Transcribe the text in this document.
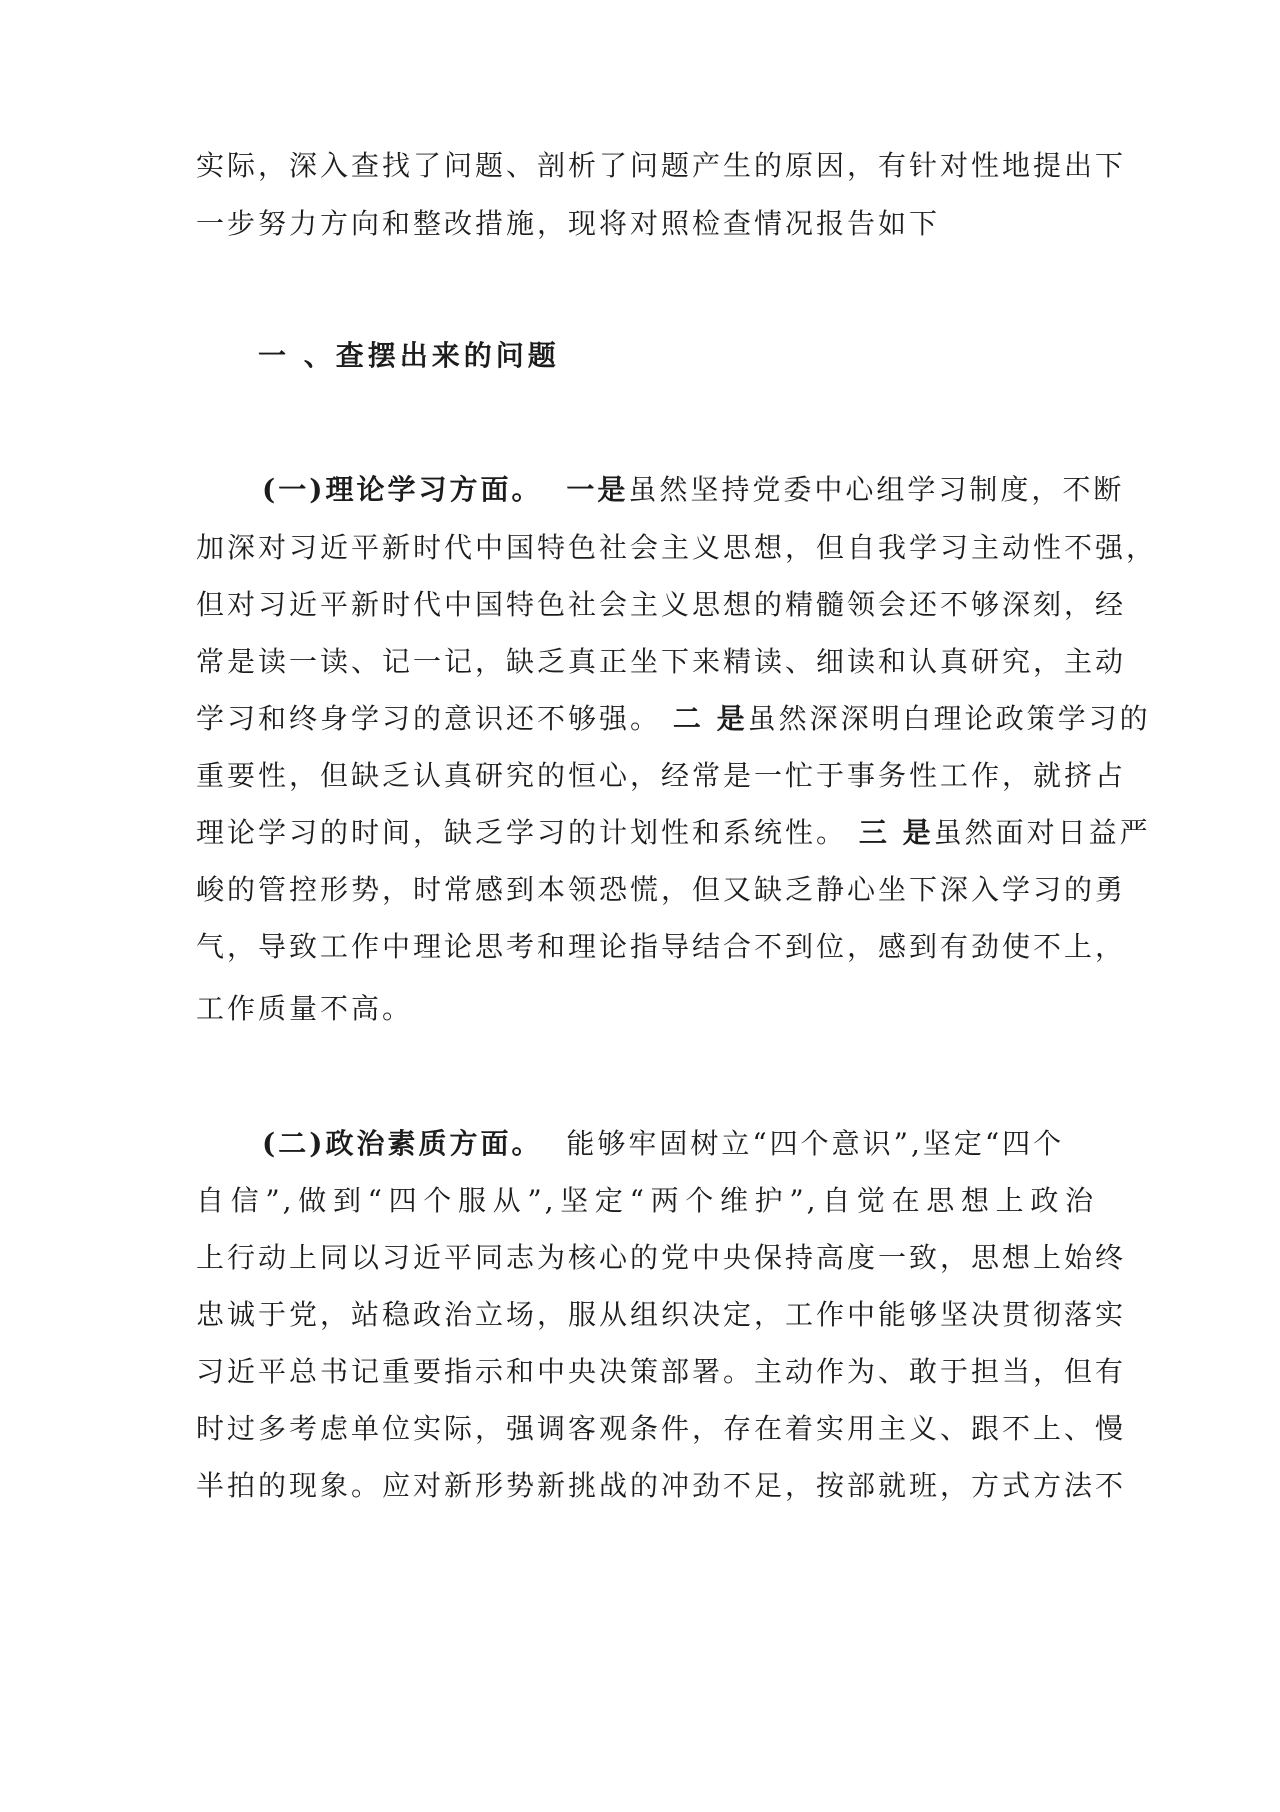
实际，深入查找了问题、剖析了问题产生的原因，有针对性地提出下
一步努力方向和整改措施，现将对照检查情况报告如下
一 、查摆出来的问题
(一)理论学习方面。 一是虽然坚持党委中心组学习制度，不断
加深对习近平新时代中国特色社会主义思想，但自我学习主动性不强，
但对习近平新时代中国特色社会主义思想的精髓领会还不够深刻，经
常是读一读、记一记，缺乏真正坐下来精读、细读和认真研究，主动
学习和终身学习的意识还不够强。 二 是虽然深深明白理论政策学习的
重要性，但缺乏认真研究的恒心，经常是一忙于事务性工作，就挤占
理论学习的时间，缺乏学习的计划性和系统性。 三 是虽然面对日益严
峻的管控形势，时常感到本领恐慌，但又缺乏静心坐下深入学习的勇
气，导致工作中理论思考和理论指导结合不到位，感到有劲使不上，
工作质量不高。
(二)政治素质方面。 能够牢固树立“四个意识”,坚定“四个
自信”,做到“四个服从”,坚定“两个维护”,自觉在思想上政治
上行动上同以习近平同志为核心的党中央保持高度一致，思想上始终
忠诚于党，站稳政治立场，服从组织决定，工作中能够坚决贯彻落实
习近平总书记重要指示和中央决策部署。主动作为、敢于担当，但有
时过多考虑单位实际，强调客观条件，存在着实用主义、跟不上、慢
半拍的现象。应对新形势新挑战的冲劲不足，按部就班，方式方法不
